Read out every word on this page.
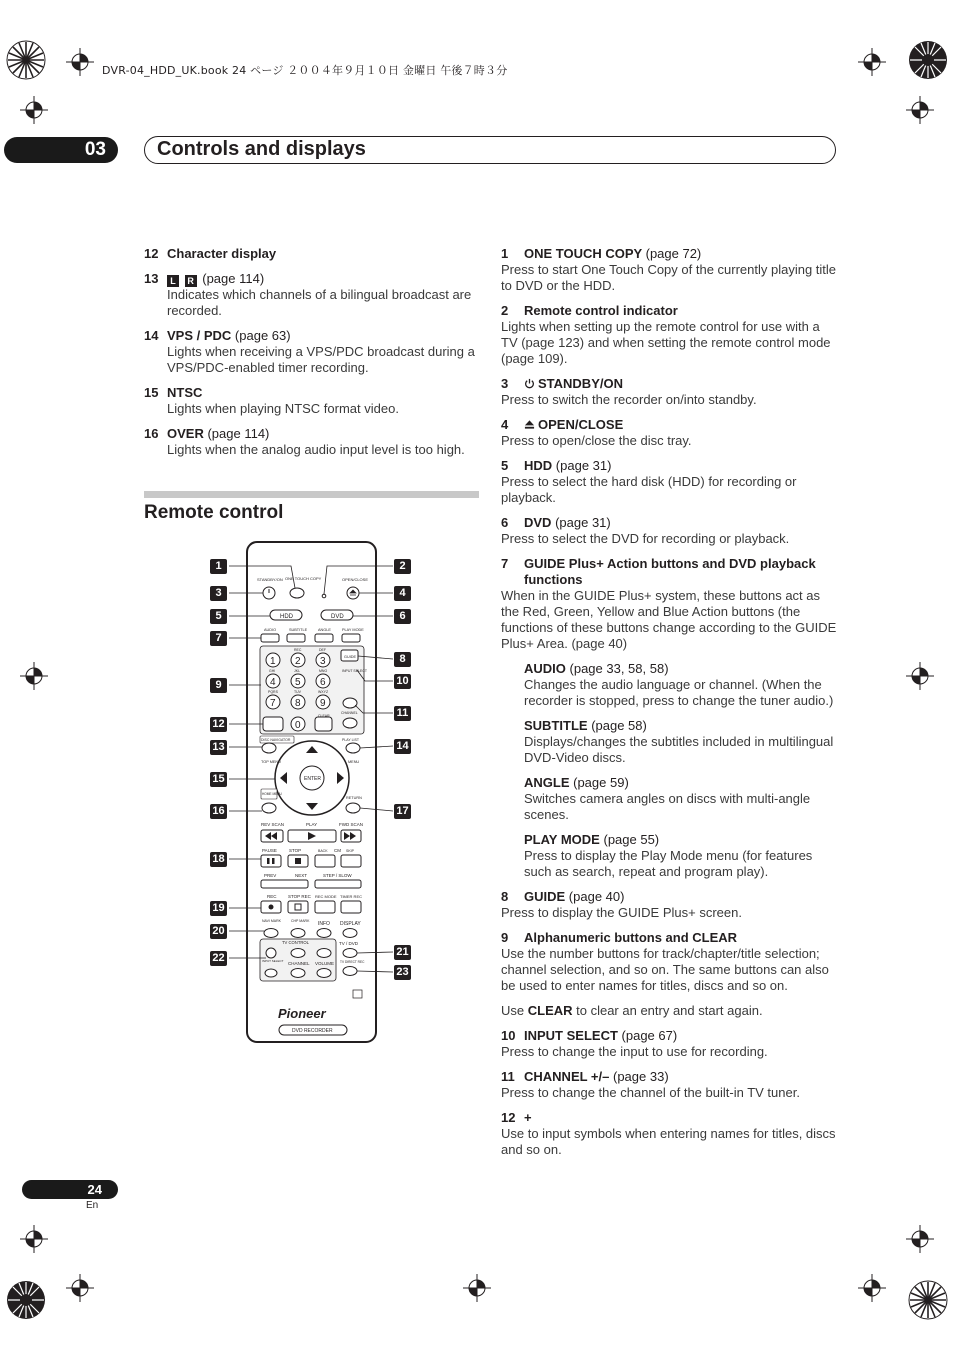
DVR-04_HDD_UK.book 24 ページ ２００４年９月１０日 金曜日 午後７時３分
03	Controls and displays
12 Character display
13 L R (page 114)
Indicates which channels of a bilingual broadcast are recorded.
14 VPS / PDC (page 63)
Lights when receiving a VPS/PDC broadcast during a VPS/PDC-enabled timer recording.
15 NTSC
Lights when playing NTSC format video.
16 OVER (page 114)
Lights when the analog audio input level is too high.
Remote control
STANDBY/ON ONE TOUCH COPY	OPEN/CLOSE
HDD	DVD
AUDIO	SUBTITLE	ANGLE	PLAY MODE
1 2 3
4 5 6
7 8 9
0
REC	DEF
GHI	JKL	MNO
PQRS	TUV	WXYZ
GUIDE
INPUT SELECT
CHANNEL
CLEAR
DISC NAVIGATOR	PLAY LIST
ENTER
TOP MENU	MENU
HOME MENU
RETURN
REV SCAN	PLAY	FWD SCAN
PAUSE	STOP	BACK CM SKIP
PREV	NEXT	STEP / SLOW
REC	STOP REC REC MODE TIMER REC
NAVI MARK	CHP MARK INFO DISPLAY
TV CONTROL	TV / DVD
CHANNEL VOLUME
INPUT SELECT	TV DIRECT REC
Pioneer
DVD RECORDER
1
3
5
7
9
12
13
15
16
18
19
20
22
2
4
6
8
10
11
14
17
21
23
1 ONE TOUCH COPY (page 72)
Press to start One Touch Copy of the currently playing title to DVD or the HDD.
2 Remote control indicator
Lights when setting up the remote control for use with a TV (page 123) and when setting the remote control mode (page 109).
3 STANDBY/ON
Press to switch the recorder on/into standby.
4 OPEN/CLOSE
Press to open/close the disc tray.
5 HDD (page 31)
Press to select the hard disk (HDD) for recording or playback.
6 DVD (page 31)
Press to select the DVD for recording or playback.
7	GUIDE Plus+ Action buttons and DVD playback functions
When in the GUIDE Plus+ system, these buttons act as the Red, Green, Yellow and Blue Action buttons (the functions of these buttons change according to the GUIDE Plus+ Area. (page 40)
AUDIO (page 33, 58, 58)
Changes the audio language or channel. (When the recorder is stopped, press to change the tuner audio.)
SUBTITLE (page 58)
Displays/changes the subtitles included in multilingual DVD-Video discs.
ANGLE (page 59)
Switches camera angles on discs with multi-angle scenes.
PLAY MODE (page 55)
Press to display the Play Mode menu (for features such as search, repeat and program play).
8 GUIDE (page 40)
Press to display the GUIDE Plus+ screen.
9 Alphanumeric buttons and CLEAR
Use the number buttons for track/chapter/title selection; channel selection, and so on. The same buttons can also be used to enter names for titles, discs and so on.
Use CLEAR to clear an entry and start again.
10 INPUT SELECT (page 67)
Press to change the input to use for recording.
11 CHANNEL +/– (page 33)
Press to change the channel of the built-in TV tuner.
12 +
Use to input symbols when entering names for titles, discs and so on.
24
En
